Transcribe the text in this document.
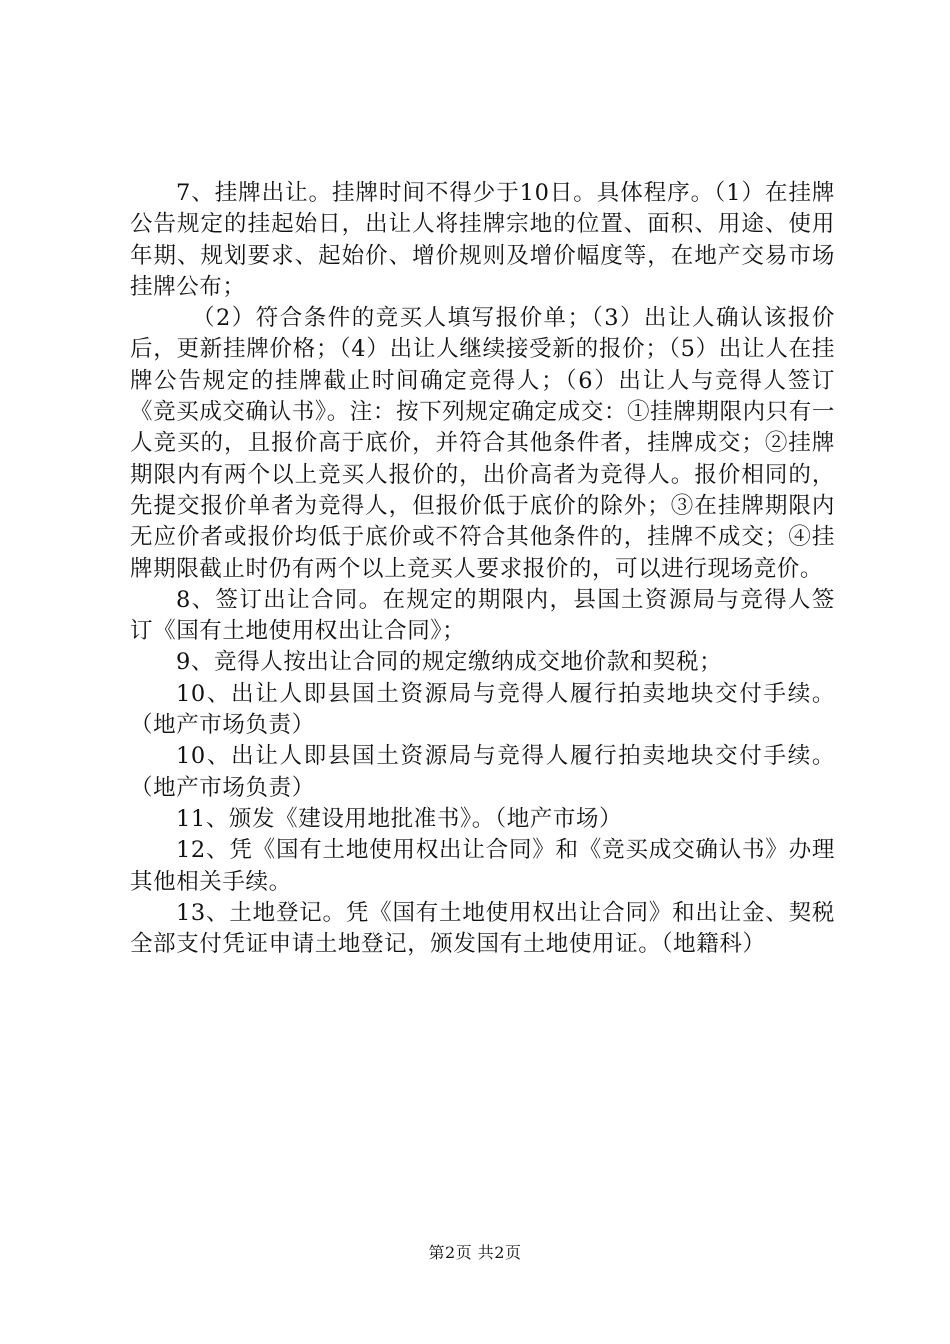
7、挂牌出让。挂牌时间不得少于10日。具体程序。（1）在挂牌公告规定的挂起始日，出让人将挂牌宗地的位置、面积、用途、使用年期、规划要求、起始价、增价规则及增价幅度等，在地产交易市场挂牌公布；

（2）符合条件的竞买人填写报价单；（3）出让人确认该报价后，更新挂牌价格；（4）出让人继续接受新的报价；（5）出让人在挂牌公告规定的挂牌截止时间确定竞得人；（6）出让人与竞得人签订《竞买成交确认书》。注：按下列规定确定成交：①挂牌期限内只有一人竞买的，且报价高于底价，并符合其他条件者，挂牌成交；②挂牌期限内有两个以上竞买人报价的，出价高者为竞得人。报价相同的，先提交报价单者为竞得人，但报价低于底价的除外；③在挂牌期限内无应价者或报价均低于底价或不符合其他条件的，挂牌不成交；④挂牌期限截止时仍有两个以上竞买人要求报价的，可以进行现场竞价。

8、签订出让合同。在规定的期限内，县国土资源局与竞得人签订《国有土地使用权出让合同》；

9、竞得人按出让合同的规定缴纳成交地价款和契税；

10、出让人即县国土资源局与竞得人履行拍卖地块交付手续。（地产市场负责）

10、出让人即县国土资源局与竞得人履行拍卖地块交付手续。（地产市场负责）

11、颁发《建设用地批准书》。（地产市场）

12、凭《国有土地使用权出让合同》和《竞买成交确认书》办理其他相关手续。

13、土地登记。凭《国有土地使用权出让合同》和出让金、契税全部支付凭证申请土地登记，颁发国有土地使用证。（地籍科）

第2页 共2页
